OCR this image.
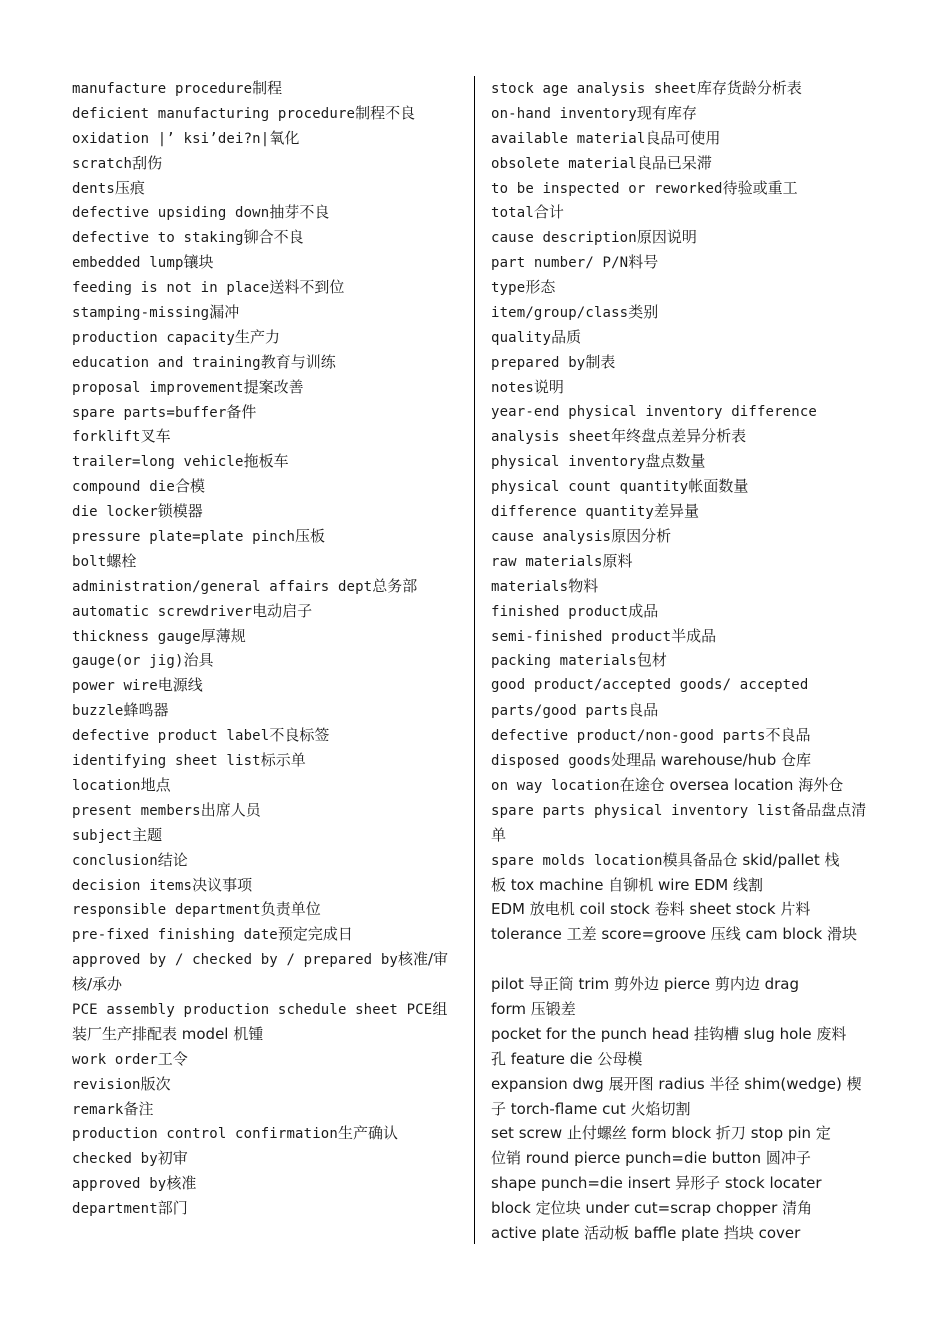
manufacture procedure制程
deficient manufacturing procedure制程不良
oxidation |’ ksi’dei?n|氧化
scratch刮伤
dents压痕
defective upsiding down抽芽不良
defective to staking铆合不良
embedded lump镶块
feeding is not in place送料不到位
stamping-missing漏冲
production capacity生产力
education and training教育与训练
proposal improvement提案改善
spare parts=buffer备件
forklift叉车
trailer=long vehicle拖板车
compound die合模
die locker锁模器
pressure plate=plate pinch压板
bolt螺栓
administration/general affairs dept总务部
automatic screwdriver电动启子
thickness gauge厚薄规
gauge(or jig)治具
power wire电源线
buzzle蜂鸣器
defective product label不良标签
identifying sheet list标示单
location地点
present members出席人员
subject主题
conclusion结论
decision items决议事项
responsible department负责单位
pre-fixed finishing date预定完成日
approved by / checked by / prepared by核准/审
核/承办
PCE assembly production schedule sheet PCE组
装厂生产排配表 model 机锺
work order工令
revision版次
remark备注
production control confirmation生产确认
checked by初审
approved by核准
department部门
stock age analysis sheet库存货龄分析表
on-hand inventory现有库存
available material良品可使用
obsolete material良品已呆滞
to be inspected or reworked待验或重工
total合计
cause description原因说明
part number/ P/N料号
type形态
item/group/class类别
quality品质
prepared by制表
notes说明
year-end physical inventory difference
analysis sheet年终盘点差异分析表
physical inventory盘点数量
physical count quantity帐面数量
difference quantity差异量
cause analysis原因分析
raw materials原料
materials物料
finished product成品
semi-finished product半成品
packing materials包材
good product/accepted goods/ accepted
parts/good parts良品
defective product/non-good parts不良品
disposed goods处理品 warehouse/hub 仓库
on way location在途仓 oversea location 海外仓
spare parts physical inventory list备品盘点清
单
spare molds location模具备品仓 skid/pallet 栈
板 tox machine 自铆机 wire EDM 线割
EDM 放电机 coil stock 卷料 sheet stock 片料
tolerance 工差 score=groove 压线 cam block 滑块
pilot 导正筒 trim 剪外边 pierce 剪内边 drag
form 压锻差
pocket for the punch head 挂钩槽 slug hole 废料
孔 feature die 公母模
expansion dwg 展开图 radius 半径 shim(wedge) 楔
子 torch-flame cut 火焰切割
set screw 止付螺丝 form block 折刀 stop pin 定
位销 round pierce punch=die button 圆冲子
shape punch=die insert 异形子 stock locater
block 定位块 under cut=scrap chopper 清角
active plate 活动板 baffle plate 挡块 cover
